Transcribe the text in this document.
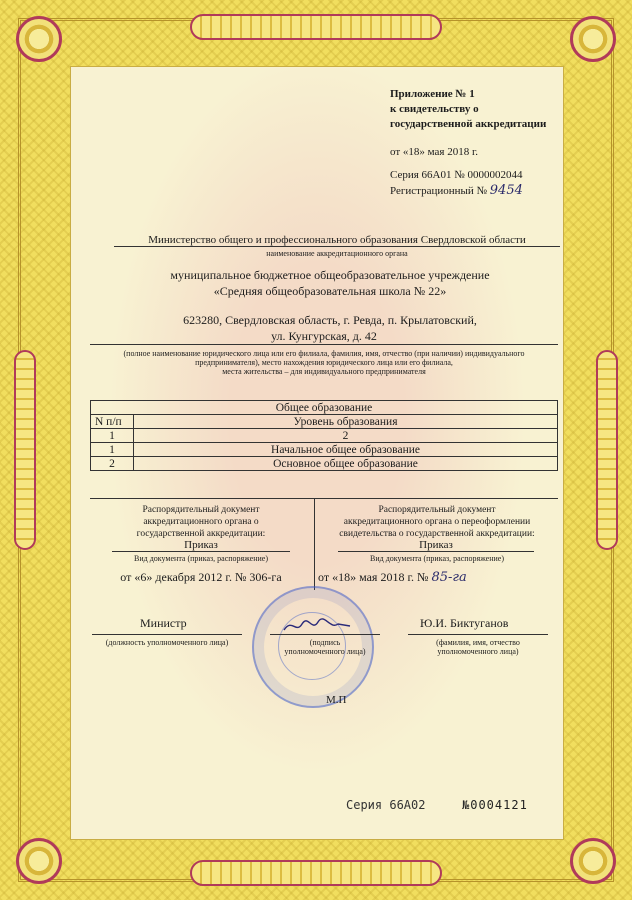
Приложение № 1
к свидетельству о
государственной аккредитации
от «18» мая 2018 г.
Серия 66А01 № 0000002044
Регистрационный № 9454
Министерство общего и профессионального образования Свердловской области
наименование аккредитационного органа
муниципальное бюджетное общеобразовательное учреждение
«Средняя общеобразовательная школа № 22»
623280, Свердловская область, г. Ревда, п. Крылатовский,
ул. Кунгурская, д. 42
(полное наименование юридического лица или его филиала, фамилия, имя, отчество (при наличии) индивидуального
предпринимателя), место нахождения юридического лица или его филиала,
места жительства – для индивидуального предпринимателя
Общее образование	
N п/п	Уровень образования
1	2
1	Начальное общее образование
2	Основное общее образование
Распорядительный документ
аккредитационного органа о
государственной аккредитации:
Приказ
Вид документа (приказ, распоряжение)
от «6» декабря 2012 г. № 306-га
Распорядительный документ
аккредитационного органа о переоформлении
свидетельства о государственной аккредитации:
Приказ
Вид документа (приказ, распоряжение)
от «18» мая 2018 г. № 85-га
Министр
(должность уполномоченного лица)	(подпись
уполномоченного лица)
Ю.И. Биктуганов
(фамилия, имя, отчество
уполномоченного лица)
М.П
Серия 66А02	№0004121
